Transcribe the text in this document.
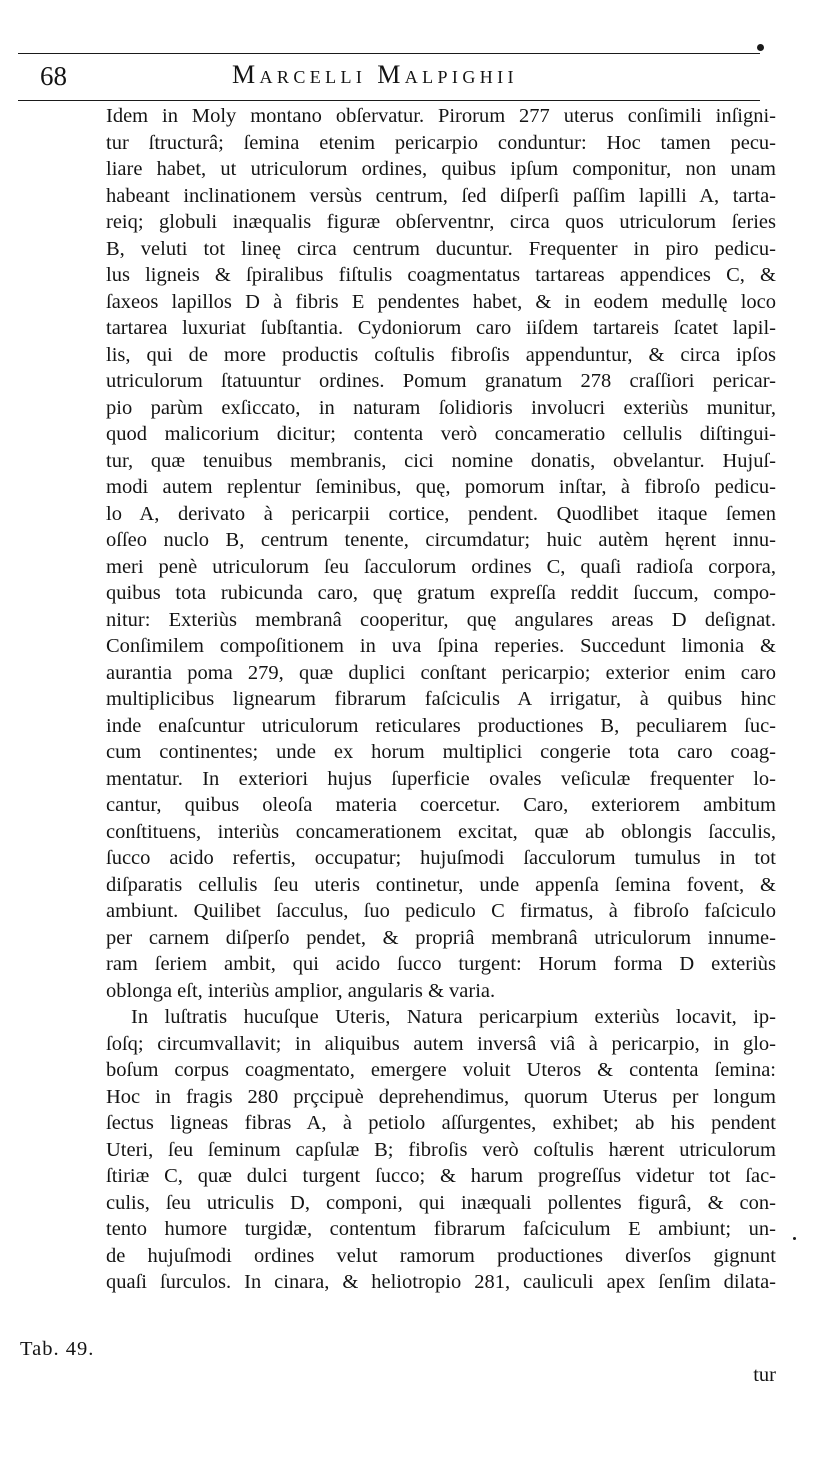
68	Marcelli Malpighii
Idem in Moly montano obſervatur. Pirorum 277 uterus conſimili inſigni-
tur ſtructurâ; ſemina etenim pericarpio conduntur: Hoc tamen pecu-
liare habet, ut utriculorum ordines, quibus ipſum componitur, non unam
habeant inclinationem versùs centrum, ſed diſperſi paſſim lapilli A, tarta-
reiq; globuli inæqualis figuræ obſerventnr, circa quos utriculorum ſeries
B, veluti tot lineę circa centrum ducuntur. Frequenter in piro pedicu-
lus ligneis & ſpiralibus fiſtulis coagmentatus tartareas appendices C, &
ſaxeos lapillos D à fibris E pendentes habet, & in eodem medullę loco
tartarea luxuriat ſubſtantia. Cydoniorum caro iiſdem tartareis ſcatet lapil-
lis, qui de more productis coſtulis fibroſis appenduntur, & circa ipſos
utriculorum ſtatuuntur ordines. Pomum granatum 278 craſſiori pericar-
pio parùm exſiccato, in naturam ſolidioris involucri exteriùs munitur,
quod malicorium dicitur; contenta verò concameratio cellulis diſtingui-
tur, quæ tenuibus membranis, cici nomine donatis, obvelantur. Hujuſ-
modi autem replentur ſeminibus, quę, pomorum inſtar, à fibroſo pedicu-
lo A, derivato à pericarpii cortice, pendent. Quodlibet itaque ſemen
oſſeo nuclo B, centrum tenente, circumdatur; huic autèm hęrent innu-
meri penè utriculorum ſeu ſacculorum ordines C, quaſi radioſa corpora,
quibus tota rubicunda caro, quę gratum expreſſa reddit ſuccum, compo-
nitur: Exteriùs membranâ cooperitur, quę angulares areas D deſignat.
Conſimilem compoſitionem in uva ſpina reperies. Succedunt limonia &
aurantia poma 279, quæ duplici conſtant pericarpio; exterior enim caro
multiplicibus lignearum fibrarum faſciculis A irrigatur, à quibus hinc
inde enaſcuntur utriculorum reticulares productiones B, peculiarem ſuc-
cum continentes; unde ex horum multiplici congerie tota caro coag-
mentatur. In exteriori hujus ſuperficie ovales veſiculæ frequenter lo-
cantur, quibus oleoſa materia coercetur. Caro, exteriorem ambitum
conſtituens, interiùs concamerationem excitat, quæ ab oblongis ſacculis,
ſucco acido refertis, occupatur; hujuſmodi ſacculorum tumulus in tot
diſparatis cellulis ſeu uteris continetur, unde appenſa ſemina fovent, &
ambiunt. Quilibet ſacculus, ſuo pediculo C firmatus, à fibroſo faſciculo
per carnem diſperſo pendet, & propriâ membranâ utriculorum innume-
ram ſeriem ambit, qui acido ſucco turgent: Horum forma D exteriùs
oblonga eſt, interiùs amplior, angularis & varia.
In luſtratis hucuſque Uteris, Natura pericarpium exteriùs locavit, ip-
ſoſq; circumvallavit; in aliquibus autem inversâ viâ à pericarpio, in glo-
boſum corpus coagmentato, emergere voluit Uteros & contenta ſemina:
Hoc in fragis 280 prçcipuè deprehendimus, quorum Uterus per longum
ſectus ligneas fibras A, à petiolo aſſurgentes, exhibet; ab his pendent
Uteri, ſeu ſeminum capſulæ B; fibroſis verò coſtulis hærent utriculorum
ſtiriæ C, quæ dulci turgent ſucco; & harum progreſſus videtur tot ſac-
culis, ſeu utriculis D, componi, qui inæquali pollentes figurâ, & con-
tento humore turgidæ, contentum fibrarum faſciculum E ambiunt; un-
de hujuſmodi ordines velut ramorum productiones diverſos gignunt
quaſi ſurculos. In cinara, & heliotropio 281, cauliculi apex ſenſim dilata-
Tab. 49.
tur
